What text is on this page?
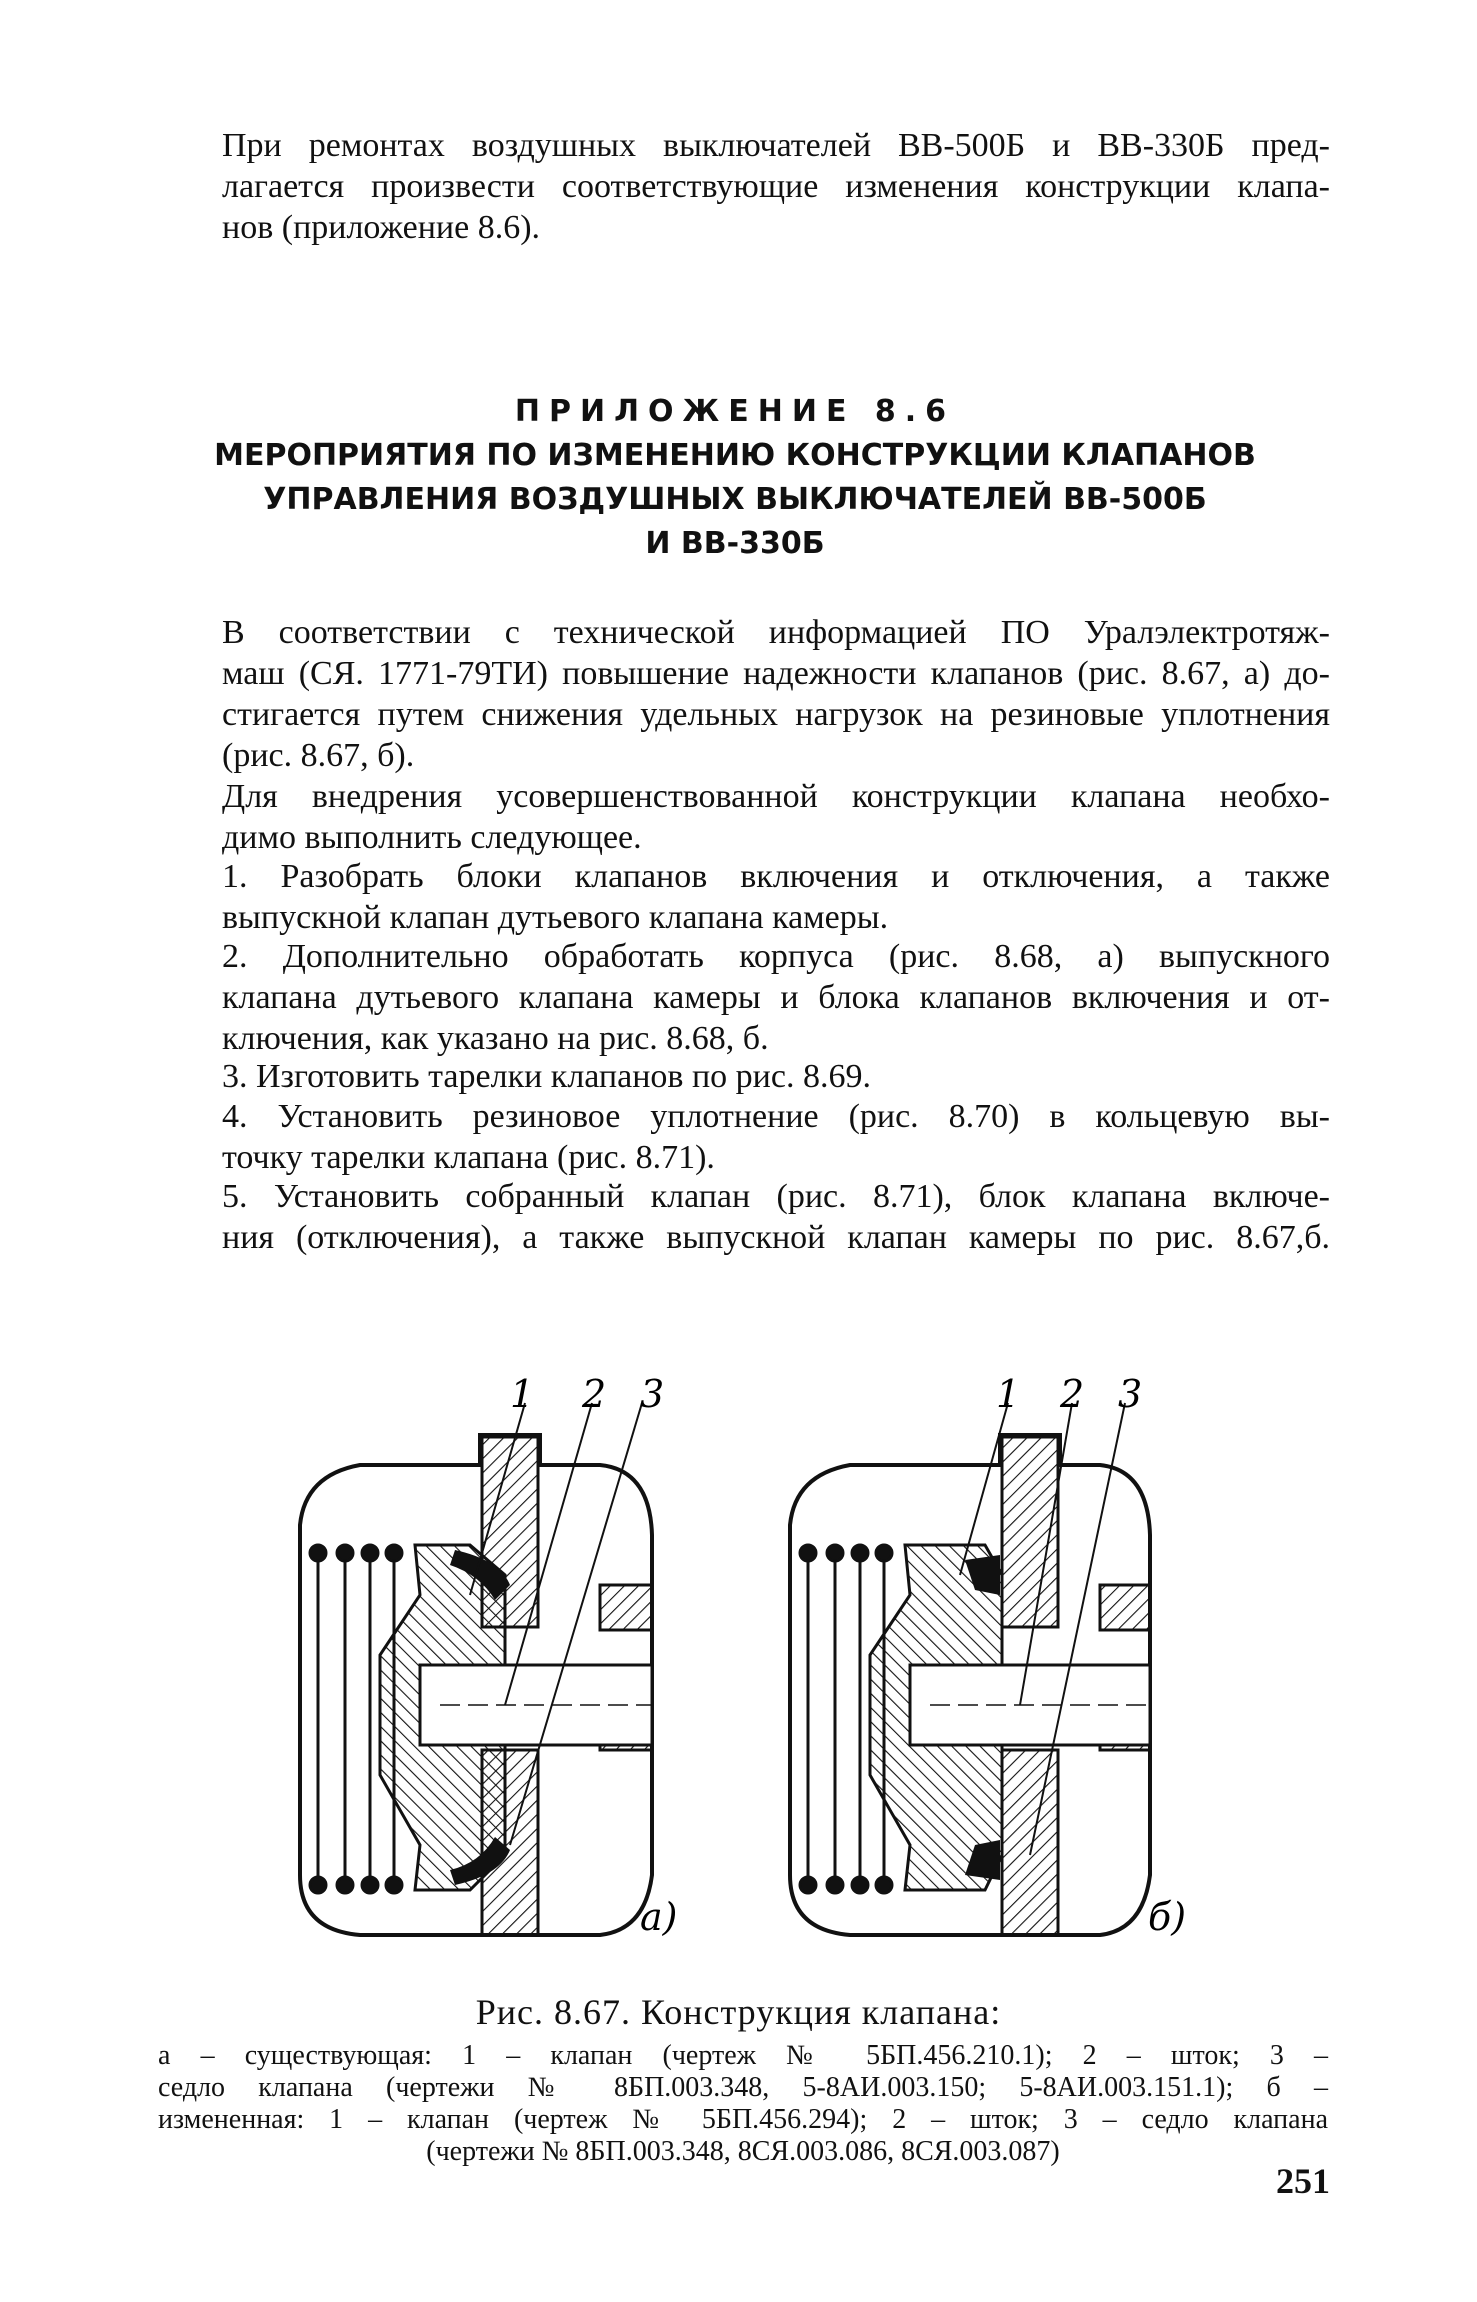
При ремонтах воздушных выключателей ВВ-500Б и ВВ-330Б пред-
лагается произвести соответствующие изменения конструкции клапа-
нов (приложение 8.6).
ПРИЛОЖЕНИЕ 8.6
МЕРОПРИЯТИЯ ПО ИЗМЕНЕНИЮ КОНСТРУКЦИИ КЛАПАНОВ
УПРАВЛЕНИЯ ВОЗДУШНЫХ ВЫКЛЮЧАТЕЛЕЙ ВВ-500Б
И ВВ-330Б
В соответствии с технической информацией ПО Уралэлектротяж-
маш (СЯ. 1771-79ТИ) повышение надежности клапанов (рис. 8.67, а) до-
стигается путем снижения удельных нагрузок на резиновые уплотнения
(рис. 8.67, б).
Для внедрения усовершенствованной конструкции клапана необхо-
димо выполнить следующее.
1. Разобрать блоки клапанов включения и отключения, а также
выпускной клапан дутьевого клапана камеры.
2. Дополнительно обработать корпуса (рис. 8.68, а) выпускного
клапана дутьевого клапана камеры и блока клапанов включения и от-
ключения, как указано на рис. 8.68, б.
3. Изготовить тарелки клапанов по рис. 8.69.
4. Установить резиновое уплотнение (рис. 8.70) в кольцевую вы-
точку тарелки клапана (рис. 8.71).
5. Установить собранный клапан (рис. 8.71), блок клапана включе-
ния (отключения), а также выпускной клапан камеры по рис. 8.67,б.
1 2 3	1 2 3
а)	б)
Рис. 8.67. Конструкция клапана:
а – существующая: 1 – клапан (чертеж № 5БП.456.210.1); 2 – шток; 3 –
седло клапана (чертежи № 8БП.003.348, 5-8АИ.003.150; 5-8АИ.003.151.1); б –
измененная: 1 – клапан (чертеж № 5БП.456.294); 2 – шток; 3 – седло клапана
(чертежи № 8БП.003.348, 8СЯ.003.086, 8СЯ.003.087)
251
